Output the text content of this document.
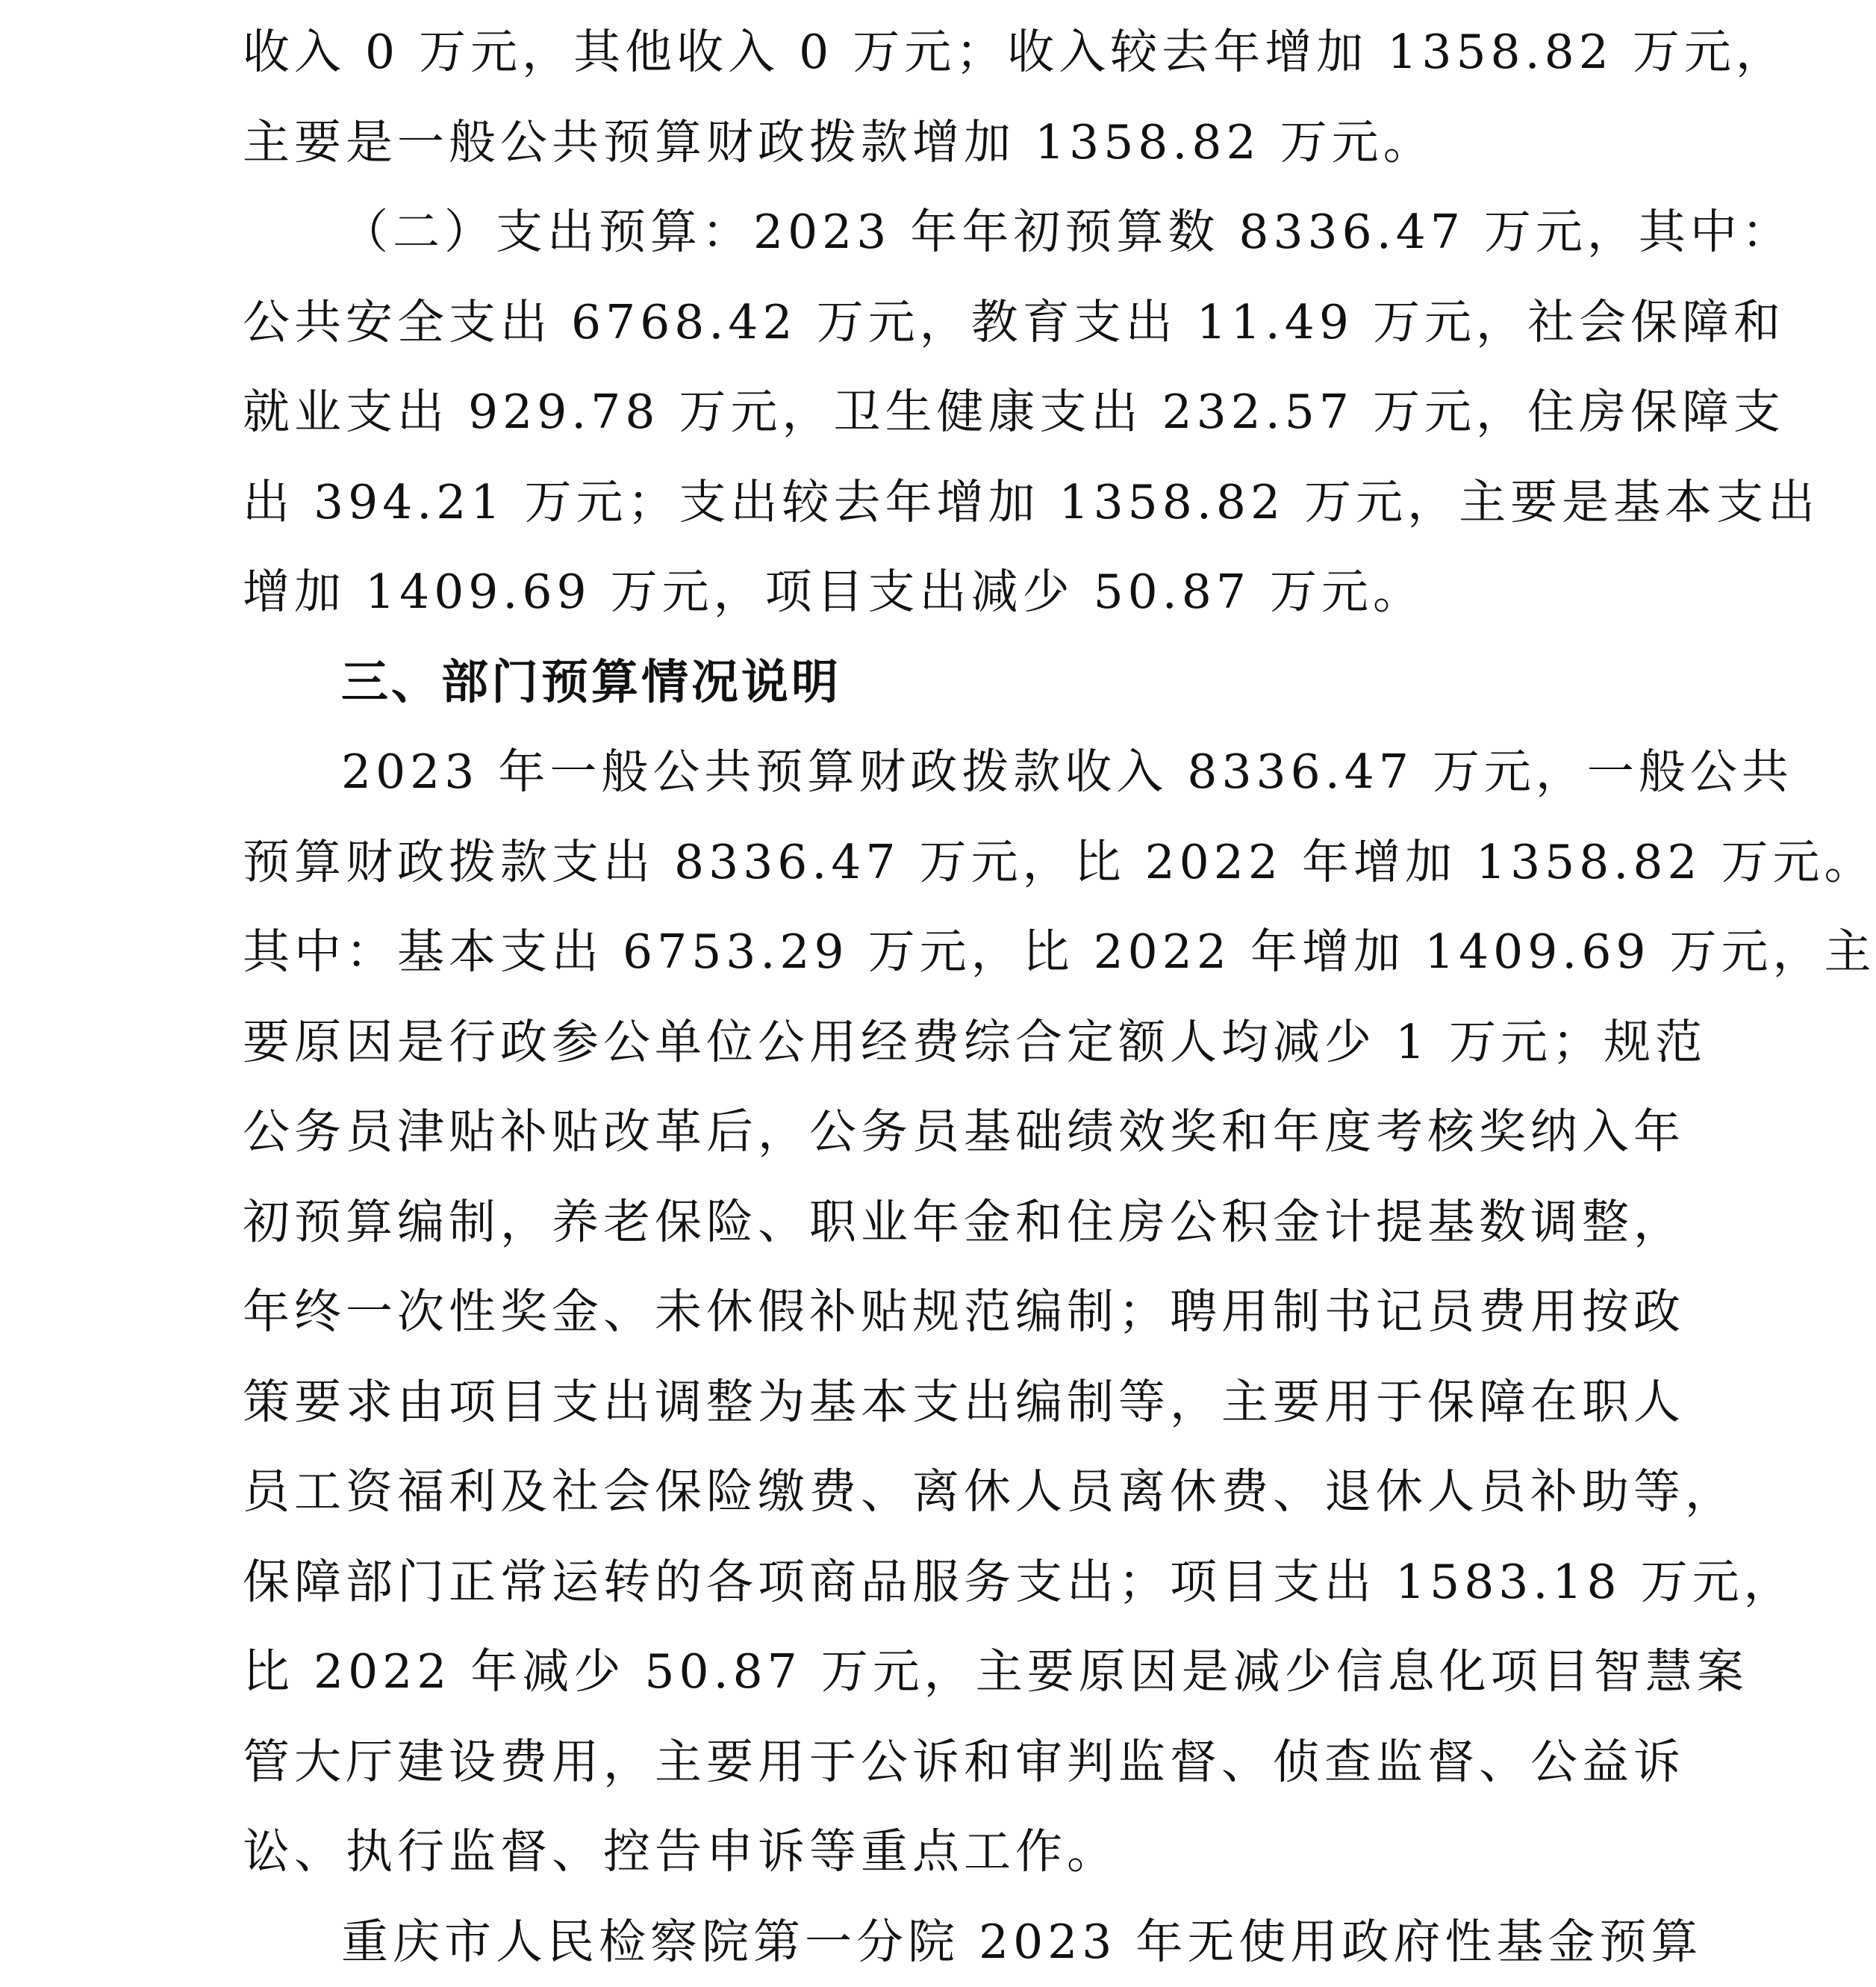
收入 0 万元，其他收入 0 万元；收入较去年增加 1358.82 万元，
主要是一般公共预算财政拨款增加 1358.82 万元。
（二）支出预算：2023 年年初预算数 8336.47 万元，其中：
公共安全支出 6768.42 万元，教育支出 11.49 万元，社会保障和
就业支出 929.78 万元，卫生健康支出 232.57 万元，住房保障支
出 394.21 万元；支出较去年增加 1358.82 万元，主要是基本支出
增加 1409.69 万元，项目支出减少 50.87 万元。
三、部门预算情况说明
2023 年一般公共预算财政拨款收入 8336.47 万元，一般公共
预算财政拨款支出 8336.47 万元，比 2022 年增加 1358.82 万元。
其中：基本支出 6753.29 万元，比 2022 年增加 1409.69 万元，主
要原因是行政参公单位公用经费综合定额人均减少 1 万元；规范
公务员津贴补贴改革后，公务员基础绩效奖和年度考核奖纳入年
初预算编制，养老保险、职业年金和住房公积金计提基数调整，
年终一次性奖金、未休假补贴规范编制；聘用制书记员费用按政
策要求由项目支出调整为基本支出编制等，主要用于保障在职人
员工资福利及社会保险缴费、离休人员离休费、退休人员补助等，
保障部门正常运转的各项商品服务支出；项目支出 1583.18 万元，
比 2022 年减少 50.87 万元，主要原因是减少信息化项目智慧案
管大厅建设费用，主要用于公诉和审判监督、侦查监督、公益诉
讼、执行监督、控告申诉等重点工作。
重庆市人民检察院第一分院 2023 年无使用政府性基金预算
